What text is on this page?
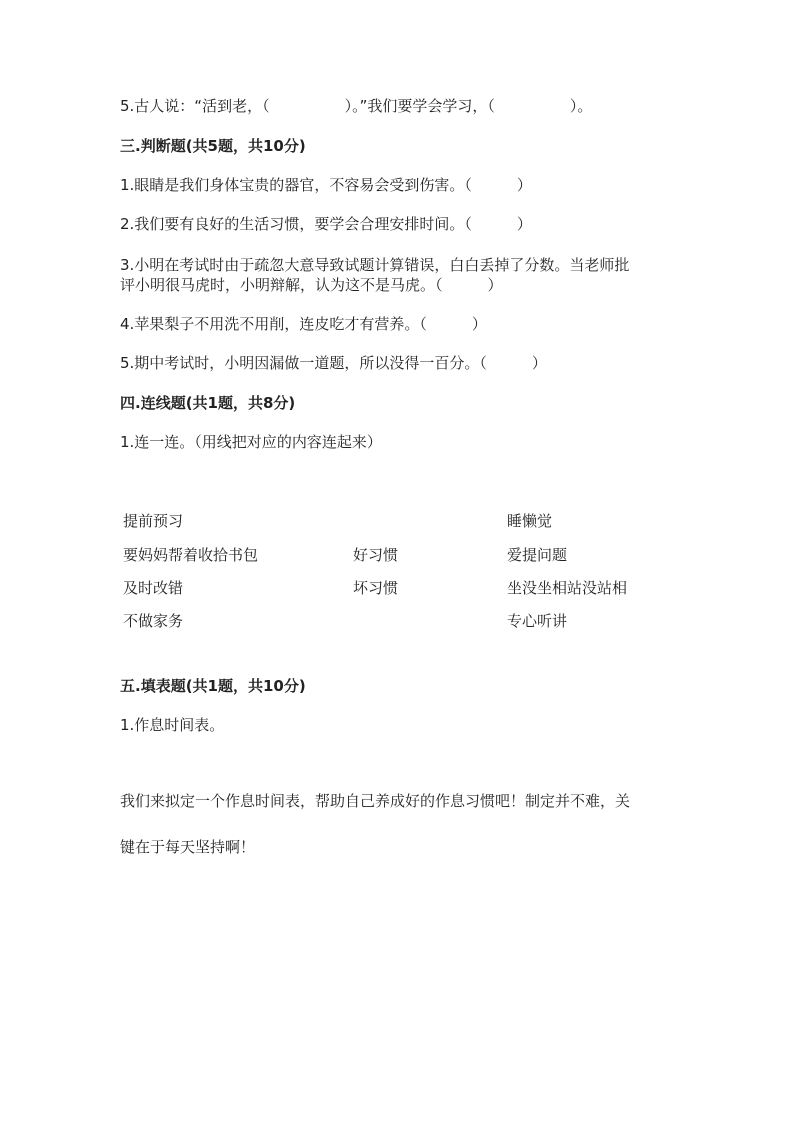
5.古人说：“活到老，（　　　　　）。”我们要学会学习，（　　　　　）。
三.判断题(共5题，共10分)
1.眼睛是我们身体宝贵的器官，不容易会受到伤害。（　　　）
2.我们要有良好的生活习惯，要学会合理安排时间。（　　　）
3.小明在考试时由于疏忽大意导致试题计算错误，白白丢掉了分数。当老师批
评小明很马虎时，小明辩解，认为这不是马虎。（　　　）
4.苹果梨子不用洗不用削，连皮吃才有营养。（　　　）
5.期中考试时，小明因漏做一道题，所以没得一百分。（　　　）
四.连线题(共1题，共8分)
1.连一连。（用线把对应的内容连起来）
提前预习
要妈妈帮着收拾书包
及时改错
不做家务
好习惯
坏习惯
睡懒觉
爱提问题
坐没坐相站没站相
专心听讲
五.填表题(共1题，共10分)
1.作息时间表。
我们来拟定一个作息时间表，帮助自己养成好的作息习惯吧！制定并不难，关
键在于每天坚持啊！
